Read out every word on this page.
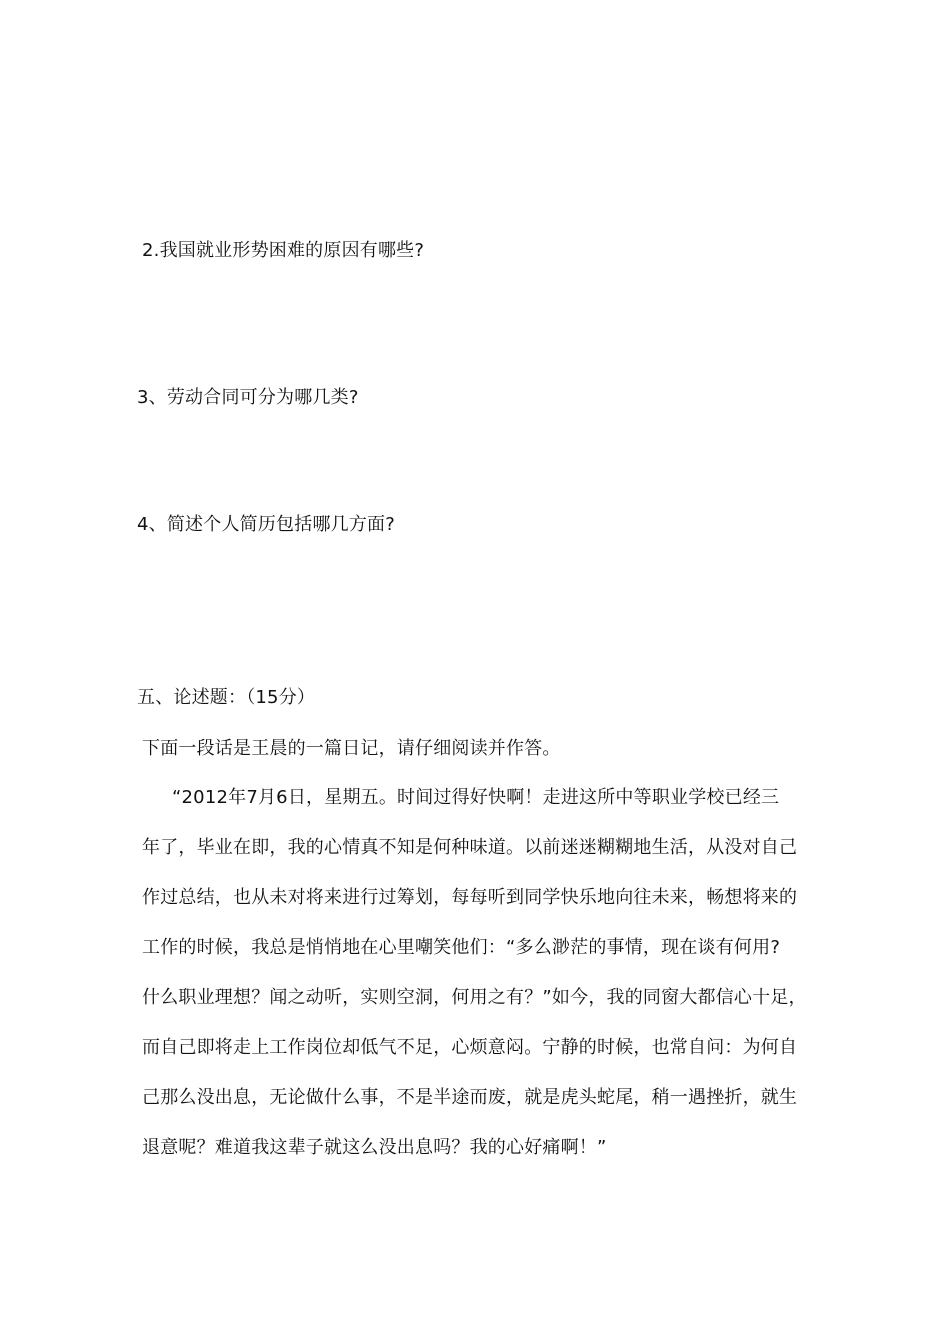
2.我国就业形势困难的原因有哪些?
3、劳动合同可分为哪几类?
4、简述个人简历包括哪几方面?
五、论述题：（15分）
下面一段话是王晨的一篇日记，请仔细阅读并作答。
“2012年7月6日，星期五。时间过得好快啊！走进这所中等职业学校已经三
年了，毕业在即，我的心情真不知是何种味道。以前迷迷糊糊地生活，从没对自己
作过总结，也从未对将来进行过筹划，每每听到同学快乐地向往未来，畅想将来的
工作的时候，我总是悄悄地在心里嘲笑他们：“多么渺茫的事情，现在谈有何用?
什么职业理想？闻之动听，实则空洞，何用之有？”如今，我的同窗大都信心十足，
而自己即将走上工作岗位却低气不足，心烦意闷。宁静的时候，也常自问：为何自
己那么没出息，无论做什么事，不是半途而废，就是虎头蛇尾，稍一遇挫折，就生
退意呢？难道我这辈子就这么没出息吗？我的心好痛啊！”
